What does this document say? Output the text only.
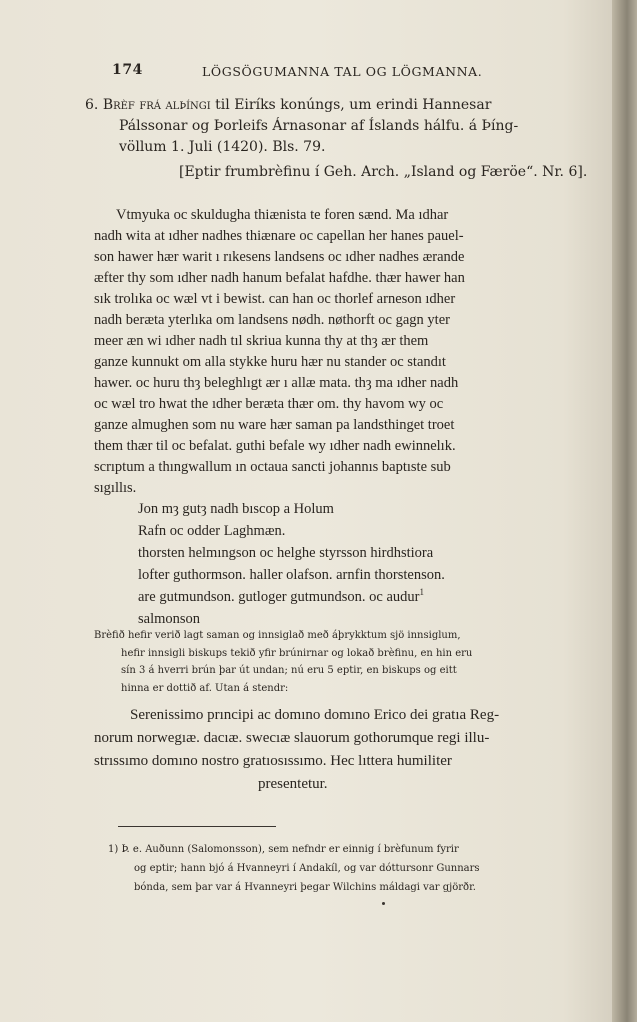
174	LÖGSÖGUMANNA TAL OG LÖGMANNA.
6. Brèf frá alþíngi til Eiríks konúngs, um erindi Hannesar
Pálssonar og Þorleifs Árnasonar af Íslands hálfu. á Þíng-
völlum 1. Juli (1420). Bls. 79.
[Eptir frumbrèfinu í Geh. Arch. „Island og Færöe“. Nr. 6].
Vtmyuka oc skuldugha thiænista te foren sænd. Ma ıdhar
nadh wita at ıdher nadhes thiænare oc capellan her hanes pauel-
son hawer hær warit ı rıkesens landsens oc ıdher nadhes ærande
æfter thy som ıdher nadh hanum befalat hafdhe. thær hawer han
sık trolıka oc wæl vt i bewist. can han oc thorlef arneson ıdher
nadh beræta yterlıka om landsens nødh. nøthorft oc gagn yter
meer æn wi ıdher nadh tıl skriua kunna thy at thȝ ær them
ganze kunnukt om alla stykke huru hær nu stander oc standıt
hawer. oc huru thȝ beleghlıgt ær ı allæ mata. thȝ ma ıdher nadh
oc wæl tro hwat the ıdher beræta thær om. thy havom wy oc
ganze almughen som nu ware hær saman pa landsthinget troet
them thær til oc befalat. guthi befale wy ıdher nadh ewinnelık.
scrıptum a thıngwallum ın octaua sancti johannıs baptıste sub
sıgıllıs.
Jon mȝ gutȝ nadh bıscop a Holum
Rafn oc odder Laghmæn.
thorsten helmıngson oc helghe styrsson hirdhstiora
lofter guthormson. haller olafson. arnfin thorstenson.
are gutmundson. gutloger gutmundson. oc audur$^1$
salmonson
Brèfið hefir verið lagt saman og innsiglað með áþrykktum sjö innsiglum,
hefir innsigli biskups tekið yfir brúnirnar og lokað brèfinu, en hin eru
sín 3 á hverri brún þar út undan; nú eru 5 eptir, en biskups og eitt
hinna er dottið af. Utan á stendr:
Serenissimo prıncipi ac domıno domıno Erico dei gratıa Reg-
norum norwegıæ. dacıæ. swecıæ slauorum gothorumque regi illu-
strıssımo domıno nostro gratıosıssımo. Hec lıttera humiliter
presentetur.
1) Þ. e. Auðunn (Salomonsson), sem nefndr er einnig í brèfunum fyrir
og eptir; hann bjó á Hvanneyri í Andakíl, og var dóttursonr Gunnars
bónda, sem þar var á Hvanneyri þegar Wilchins máldagi var gjörðr.
